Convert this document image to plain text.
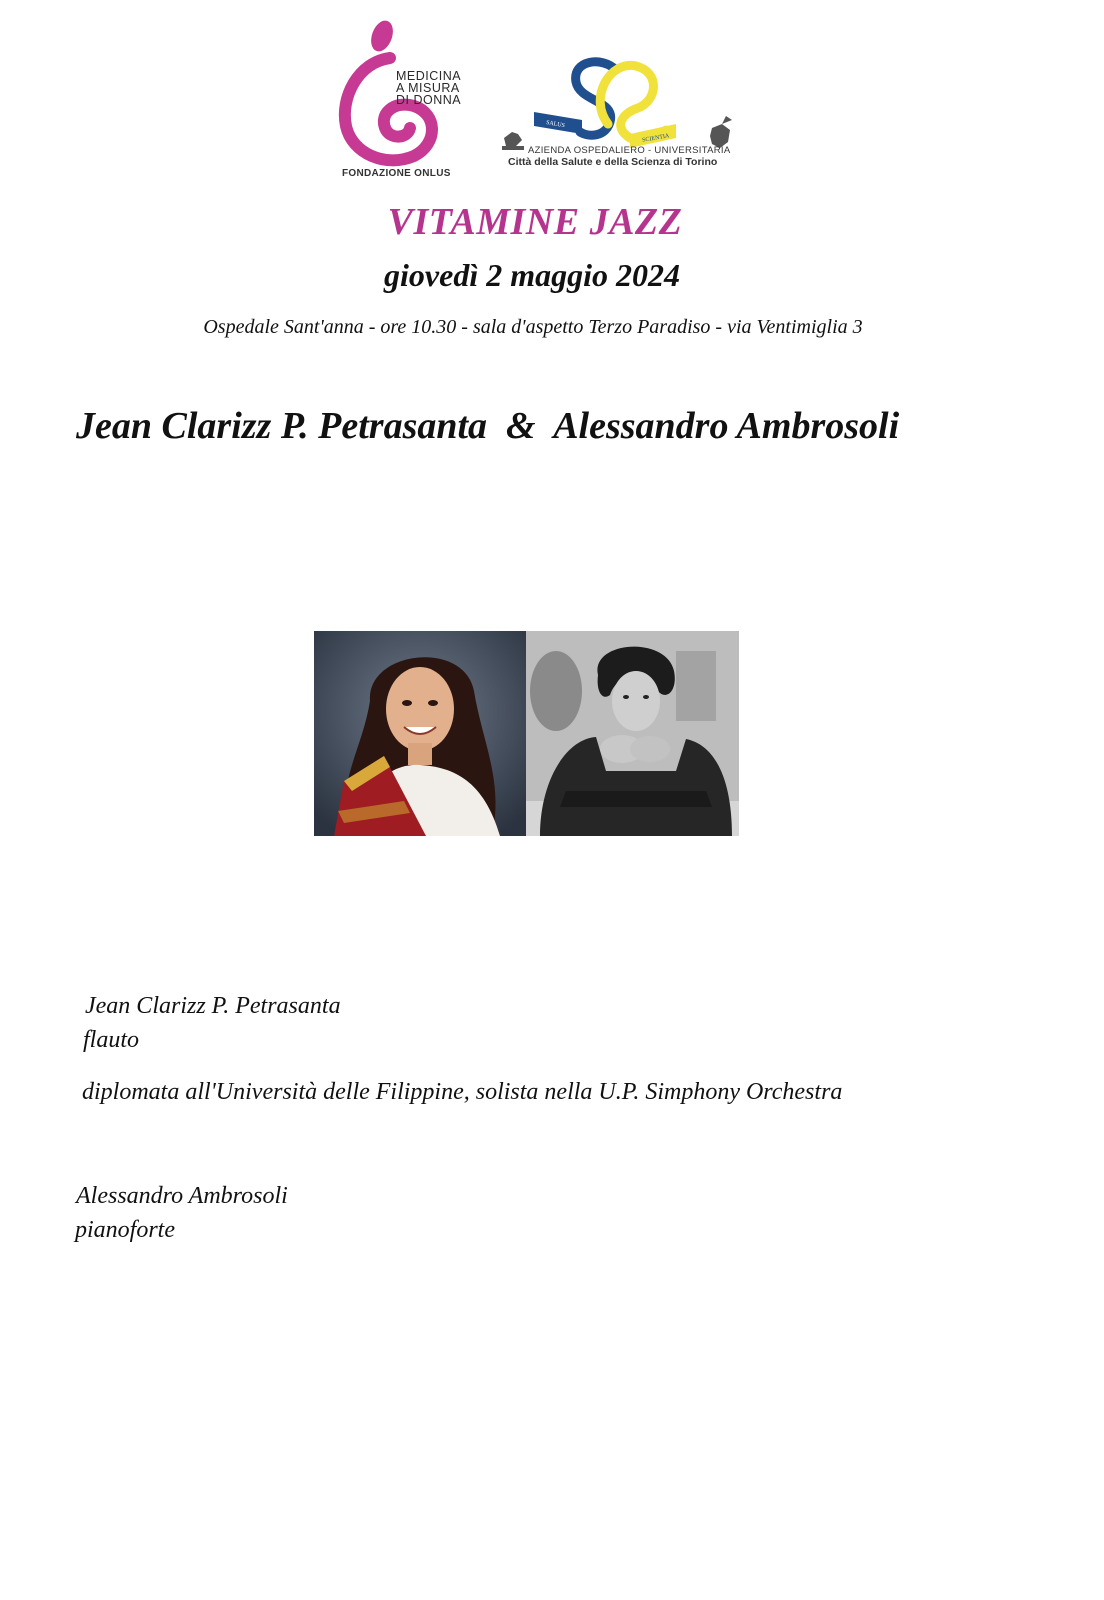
MEDICINA
A MISURA
DI DONNA
FONDAZIONE ONLUS
SALUS
SCIENTIA
AZIENDA OSPEDALIERO - UNIVERSITARIA
Città della Salute e della Scienza di Torino
VITAMINE JAZZ
giovedì 2 maggio 2024
Ospedale Sant'anna - ore 10.30 - sala d'aspetto Terzo Paradiso - via Ventimiglia 3
Jean Clarizz P. Petrasanta  &  Alessandro Ambrosoli
Jean Clarizz P. Petrasanta
flauto
diplomata all'Università delle Filippine, solista nella U.P. Simphony Orchestra
Alessandro Ambrosoli
pianoforte
